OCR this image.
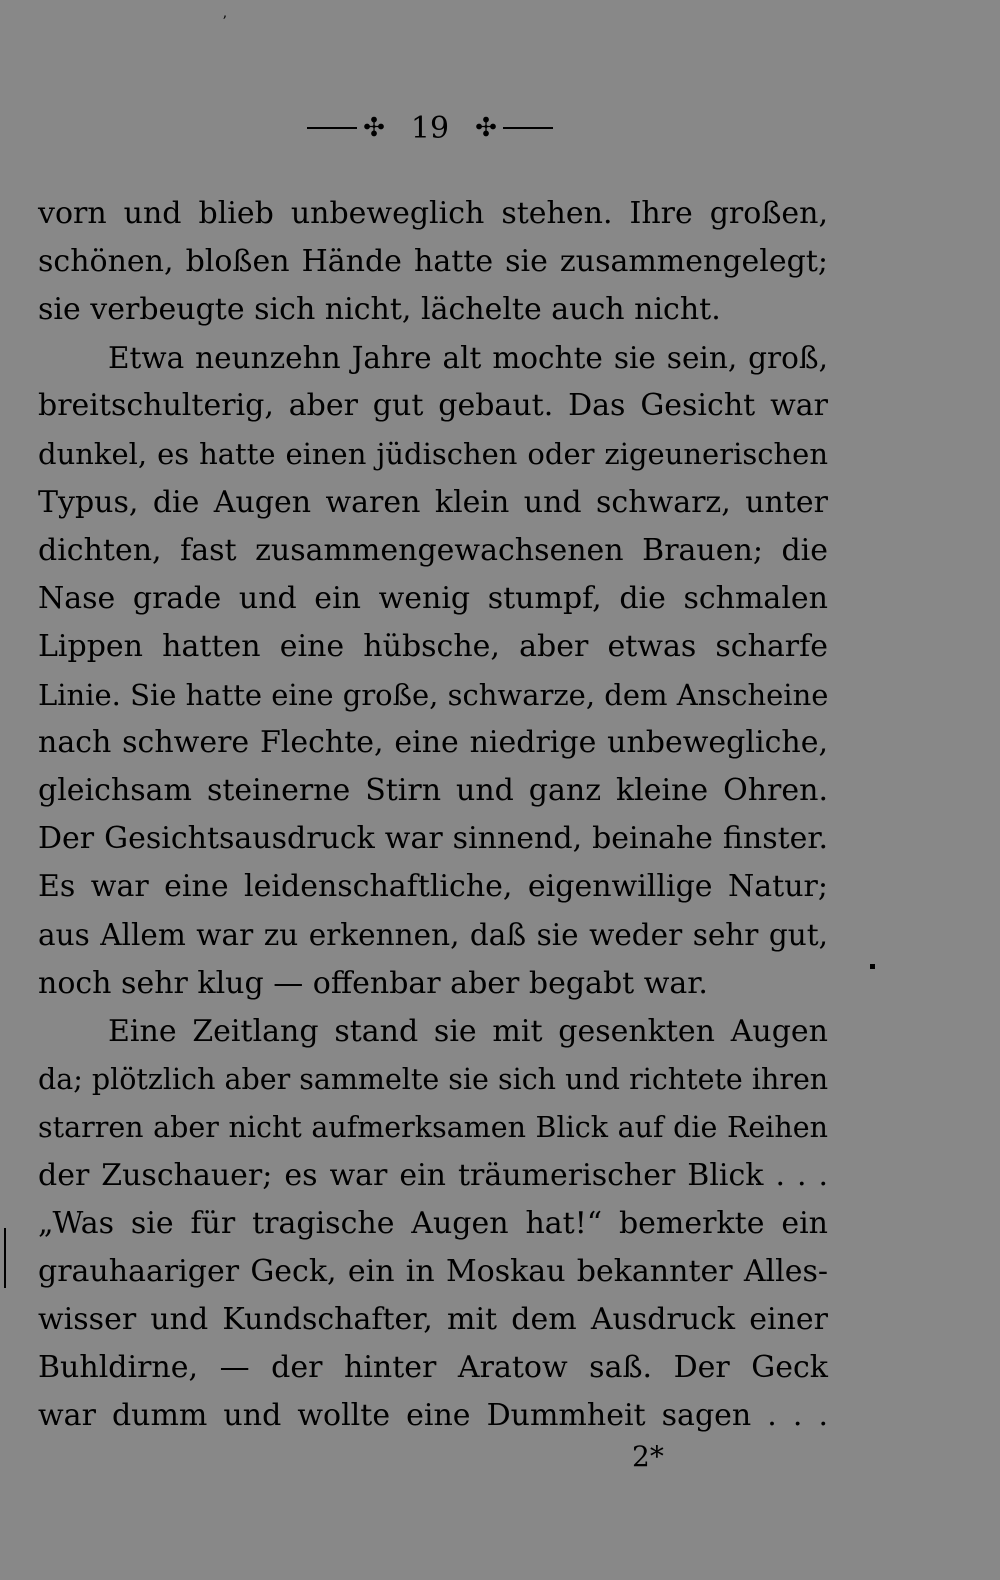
ʼ
✣ 19	✣
vorn und blieb unbeweglich stehen. Ihre großen,
schönen, bloßen Hände hatte sie zusammengelegt;
sie verbeugte sich nicht, lächelte auch nicht.
Etwa neunzehn Jahre alt mochte sie sein, groß,
breitschulterig, aber gut gebaut. Das Gesicht war
dunkel, es hatte einen jüdischen oder zigeunerischen
Typus, die Augen waren klein und schwarz, unter
dichten, fast zusammengewachsenen Brauen; die
Nase grade und ein wenig stumpf, die schmalen
Lippen hatten eine hübsche, aber etwas scharfe
Linie. Sie hatte eine große, schwarze, dem Anscheine
nach schwere Flechte, eine niedrige unbewegliche,
gleichsam steinerne Stirn und ganz kleine Ohren.
Der Gesichtsausdruck war sinnend, beinahe finster.
Es war eine leidenschaftliche, eigenwillige Natur;
aus Allem war zu erkennen, daß sie weder sehr gut,
noch sehr klug — offenbar aber begabt war.
Eine Zeitlang stand sie mit gesenkten Augen
da; plötzlich aber sammelte sie sich und richtete ihren
starren aber nicht aufmerksamen Blick auf die Reihen
der Zuschauer; es war ein träumerischer Blick . . .
„Was sie für tragische Augen hat!“ bemerkte ein
grauhaariger Geck, ein in Moskau bekannter Alles-
wisser und Kundschafter, mit dem Ausdruck einer
Buhldirne, — der hinter Aratow saß. Der Geck
war dumm und wollte eine Dummheit sagen . . .
2*
